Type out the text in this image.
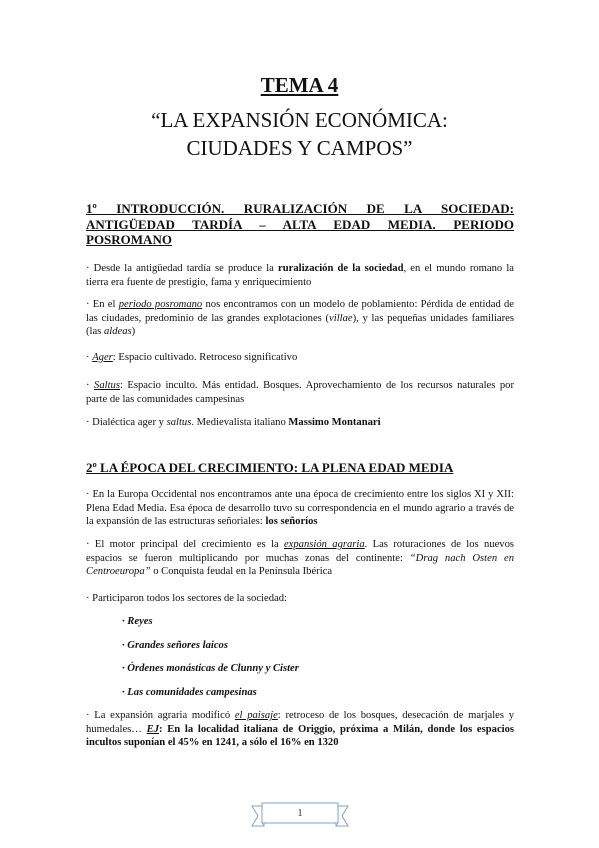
TEMA 4

“LA EXPANSIÓN ECONÓMICA:
CIUDADES Y CAMPOS”

1º INTRODUCCIÓN. RURALIZACIÓN DE LA SOCIEDAD: ANTIGÜEDAD TARDÍA – ALTA EDAD MEDIA. PERIODO POSROMANO

· Desde la antigüedad tardía se produce la ruralización de la sociedad, en el mundo romano la tierra era fuente de prestigio, fama y enriquecimiento

· En el periodo posromano nos encontramos con un modelo de poblamiento: Pérdida de entidad de las ciudades, predominio de las grandes explotaciones (villae), y las pequeñas unidades familiares (las aldeas)

· Ager: Espacio cultivado. Retroceso significativo

· Saltus: Espacio inculto. Más entidad. Bosques. Aprovechamiento de los recursos naturales por parte de las comunidades campesinas

· Dialéctica ager y saltus. Medievalista italiano Massimo Montanari

2º LA ÉPOCA DEL CRECIMIENTO: LA PLENA EDAD MEDIA

· En la Europa Occidental nos encontramos ante una época de crecimiento entre los siglos XI y XII: Plena Edad Media. Esa época de desarrollo tuvo su correspondencia en el mundo agrario a través de la expansión de las estructuras señoriales: los señoríos

· El motor principal del crecimiento es la expansión agraria. Las roturaciones de los nuevos espacios se fueron multiplicando por muchas zonas del continente: “Drag nach Osten en Centroeuropa” o Conquista feudal en la Península Ibérica

· Participaron todos los sectores de la sociedad:

· Reyes

· Grandes señores laicos

· Órdenes monásticas de Clunny y Cister

· Las comunidades campesinas

· La expansión agraria modificó el paisaje: retroceso de los bosques, desecación de marjales y humedales… EJ: En la localidad italiana de Origgio, próxima a Milán, donde los espacios incultos suponían el 45% en 1241, a sólo el 16% en 1320

1
